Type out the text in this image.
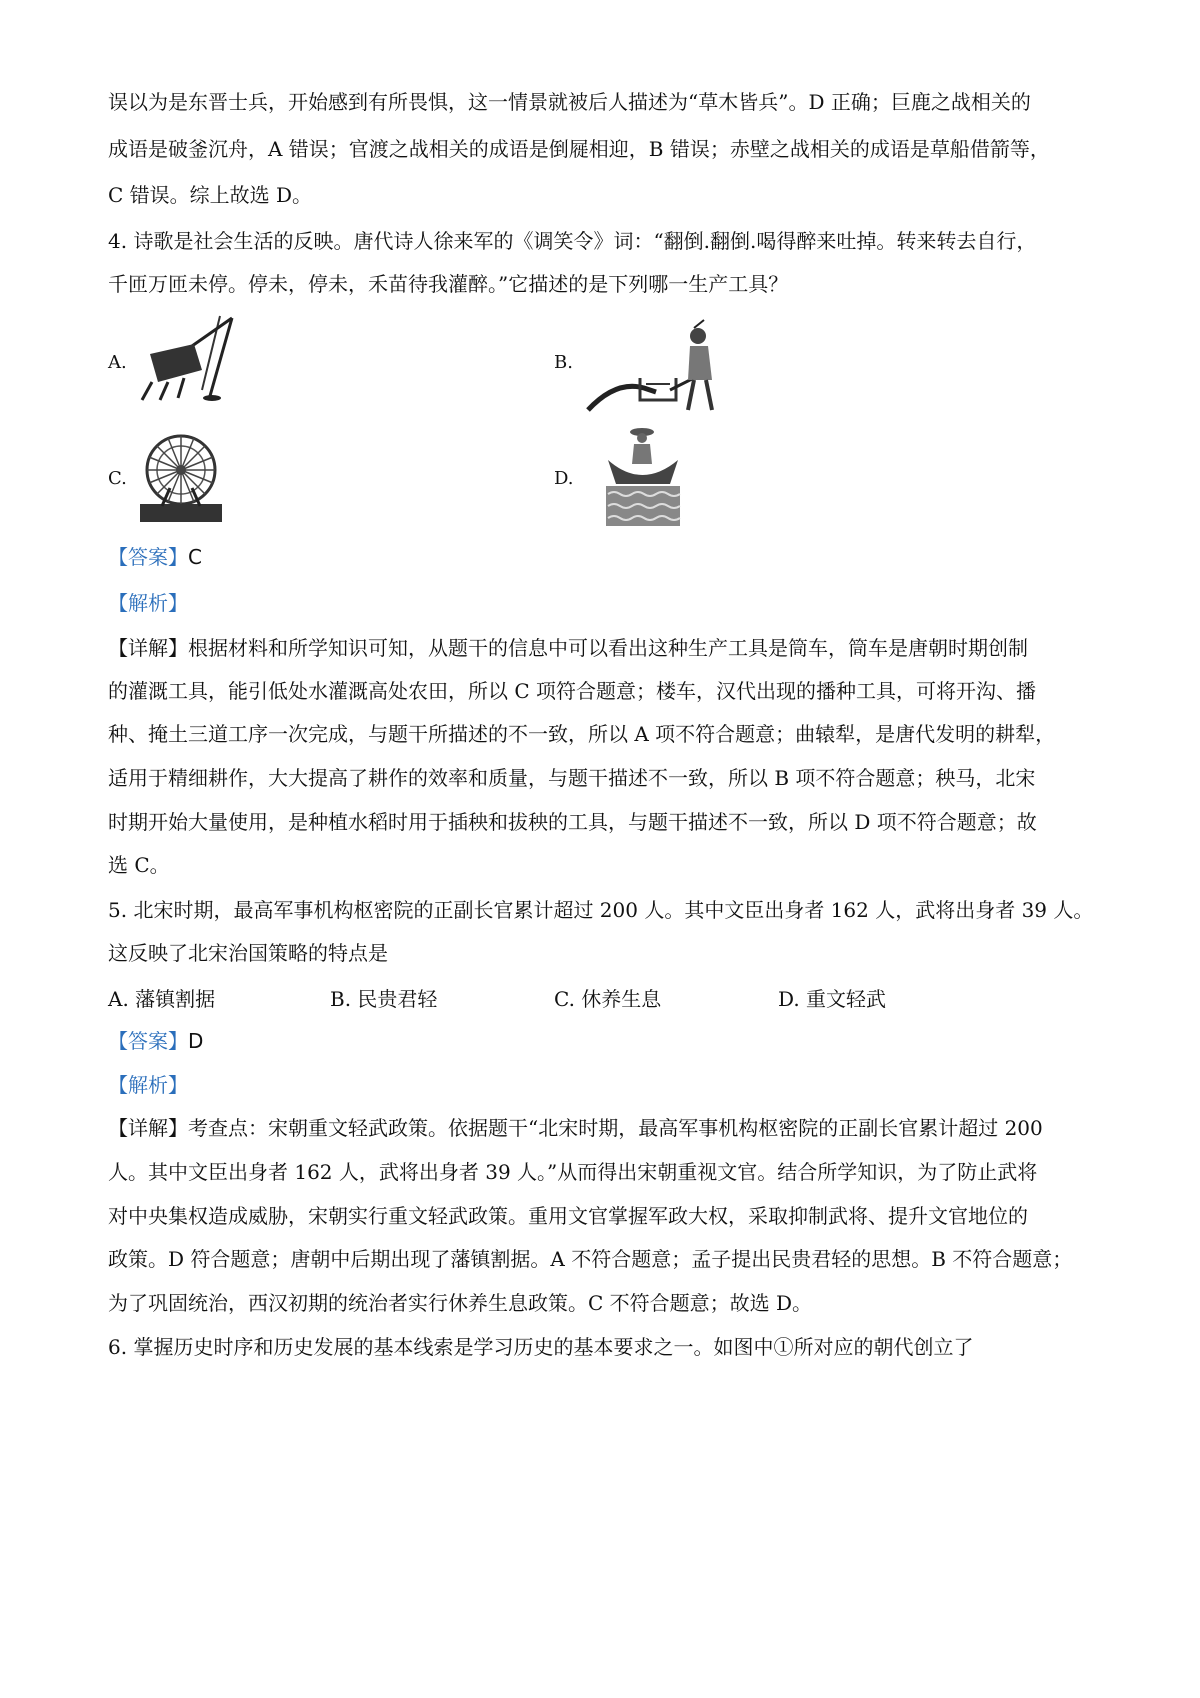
误以为是东晋士兵，开始感到有所畏惧，这一情景就被后人描述为“草木皆兵”。D 正确；巨鹿之战相关的
成语是破釜沉舟，A 错误；官渡之战相关的成语是倒屣相迎，B 错误；赤壁之战相关的成语是草船借箭等，
C 错误。综上故选 D。
4. 诗歌是社会生活的反映。唐代诗人徐来军的《调笑令》词：“翻倒.翻倒.喝得醉来吐掉。转来转去自行，
千匝万匝未停。停未，停未，禾苗待我灌醉。”它描述的是下列哪一生产工具？
A.	B.
C.	D.
【答案】C
【解析】
【详解】根据材料和所学知识可知，从题干的信息中可以看出这种生产工具是筒车，筒车是唐朝时期创制
的灌溉工具，能引低处水灌溉高处农田，所以 C 项符合题意；楼车，汉代出现的播种工具，可将开沟、播
种、掩土三道工序一次完成，与题干所描述的不一致，所以 A 项不符合题意；曲辕犁，是唐代发明的耕犁，
适用于精细耕作，大大提高了耕作的效率和质量，与题干描述不一致，所以 B 项不符合题意；秧马，北宋
时期开始大量使用，是种植水稻时用于插秧和拔秧的工具，与题干描述不一致，所以 D 项不符合题意；故
选 C。
5. 北宋时期，最高军事机构枢密院的正副长官累计超过 200 人。其中文臣出身者 162 人，武将出身者 39 人。
这反映了北宋治国策略的特点是
A. 藩镇割据	B. 民贵君轻	C. 休养生息	D. 重文轻武
【答案】D
【解析】
【详解】考查点：宋朝重文轻武政策。依据题干“北宋时期，最高军事机构枢密院的正副长官累计超过 200
人。其中文臣出身者 162 人，武将出身者 39 人。”从而得出宋朝重视文官。结合所学知识，为了防止武将
对中央集权造成威胁，宋朝实行重文轻武政策。重用文官掌握军政大权，采取抑制武将、提升文官地位的
政策。D 符合题意；唐朝中后期出现了藩镇割据。A 不符合题意；孟子提出民贵君轻的思想。B 不符合题意；
为了巩固统治，西汉初期的统治者实行休养生息政策。C 不符合题意；故选 D。
6. 掌握历史时序和历史发展的基本线索是学习历史的基本要求之一。如图中①所对应的朝代创立了
